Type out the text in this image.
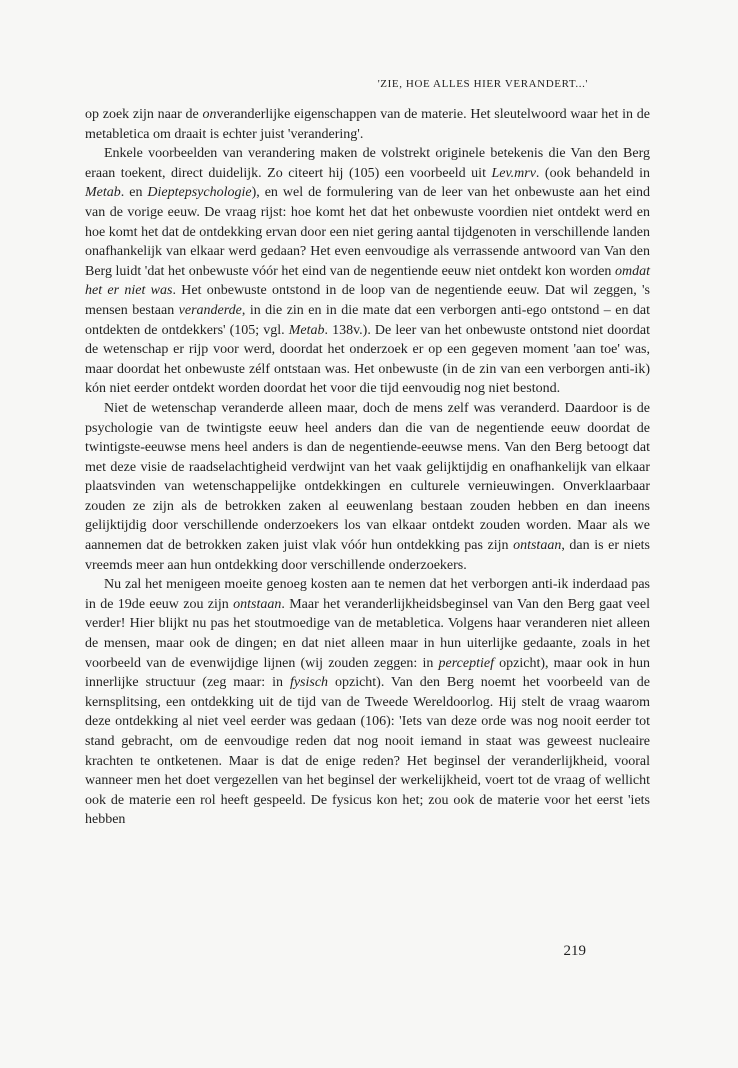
'ZIE, HOE ALLES HIER VERANDERT...'

op zoek zijn naar de onveranderlijke eigenschappen van de materie. Het sleutelwoord waar het in de metabletica om draait is echter juist 'verandering'.

Enkele voorbeelden van verandering maken de volstrekt originele betekenis die Van den Berg eraan toekent, direct duidelijk. Zo citeert hij (105) een voorbeeld uit Lev.mrv. (ook behandeld in Metab. en Dieptepsychologie), en wel de formulering van de leer van het onbewuste aan het eind van de vorige eeuw. De vraag rijst: hoe komt het dat het onbewuste voordien niet ontdekt werd en hoe komt het dat de ontdekking ervan door een niet gering aantal tijdgenoten in verschillende landen onafhankelijk van elkaar werd gedaan? Het even eenvoudige als verrassende antwoord van Van den Berg luidt 'dat het onbewuste vóór het eind van de negentiende eeuw niet ontdekt kon worden omdat het er niet was. Het onbewuste ontstond in de loop van de negentiende eeuw. Dat wil zeggen, 's mensen bestaan veranderde, in die zin en in die mate dat een verborgen anti-ego ontstond – en dat ontdekten de ontdekkers' (105; vgl. Metab. 138v.). De leer van het onbewuste ontstond niet doordat de wetenschap er rijp voor werd, doordat het onderzoek er op een gegeven moment 'aan toe' was, maar doordat het onbewuste zélf ontstaan was. Het onbewuste (in de zin van een verborgen anti-ik) kón niet eerder ontdekt worden doordat het voor die tijd eenvoudig nog niet bestond.

Niet de wetenschap veranderde alleen maar, doch de mens zelf was veranderd. Daardoor is de psychologie van de twintigste eeuw heel anders dan die van de negentiende eeuw doordat de twintigste-eeuwse mens heel anders is dan de negentiende-eeuwse mens. Van den Berg betoogt dat met deze visie de raadselachtigheid verdwijnt van het vaak gelijktijdig en onafhankelijk van elkaar plaatsvinden van wetenschappelijke ontdekkingen en culturele vernieuwingen. Onverklaarbaar zouden ze zijn als de betrokken zaken al eeuwenlang bestaan zouden hebben en dan ineens gelijktijdig door verschillende onderzoekers los van elkaar ontdekt zouden worden. Maar als we aannemen dat de betrokken zaken juist vlak vóór hun ontdekking pas zijn ontstaan, dan is er niets vreemds meer aan hun ontdekking door verschillende onderzoekers.

Nu zal het menigeen moeite genoeg kosten aan te nemen dat het verborgen anti-ik inderdaad pas in de 19de eeuw zou zijn ontstaan. Maar het veranderlijkheidsbeginsel van Van den Berg gaat veel verder! Hier blijkt nu pas het stoutmoedige van de metabletica. Volgens haar veranderen niet alleen de mensen, maar ook de dingen; en dat niet alleen maar in hun uiterlijke gedaante, zoals in het voorbeeld van de evenwijdige lijnen (wij zouden zeggen: in perceptief opzicht), maar ook in hun innerlijke structuur (zeg maar: in fysisch opzicht). Van den Berg noemt het voorbeeld van de kernsplitsing, een ontdekking uit de tijd van de Tweede Wereldoorlog. Hij stelt de vraag waarom deze ontdekking al niet veel eerder was gedaan (106): 'Iets van deze orde was nog nooit eerder tot stand gebracht, om de eenvoudige reden dat nog nooit iemand in staat was geweest nucleaire krachten te ontketenen. Maar is dat de enige reden? Het beginsel der veranderlijkheid, vooral wanneer men het doet vergezellen van het beginsel der werkelijkheid, voert tot de vraag of wellicht ook de materie een rol heeft gespeeld. De fysicus kon het; zou ook de materie voor het eerst 'iets hebben

219
